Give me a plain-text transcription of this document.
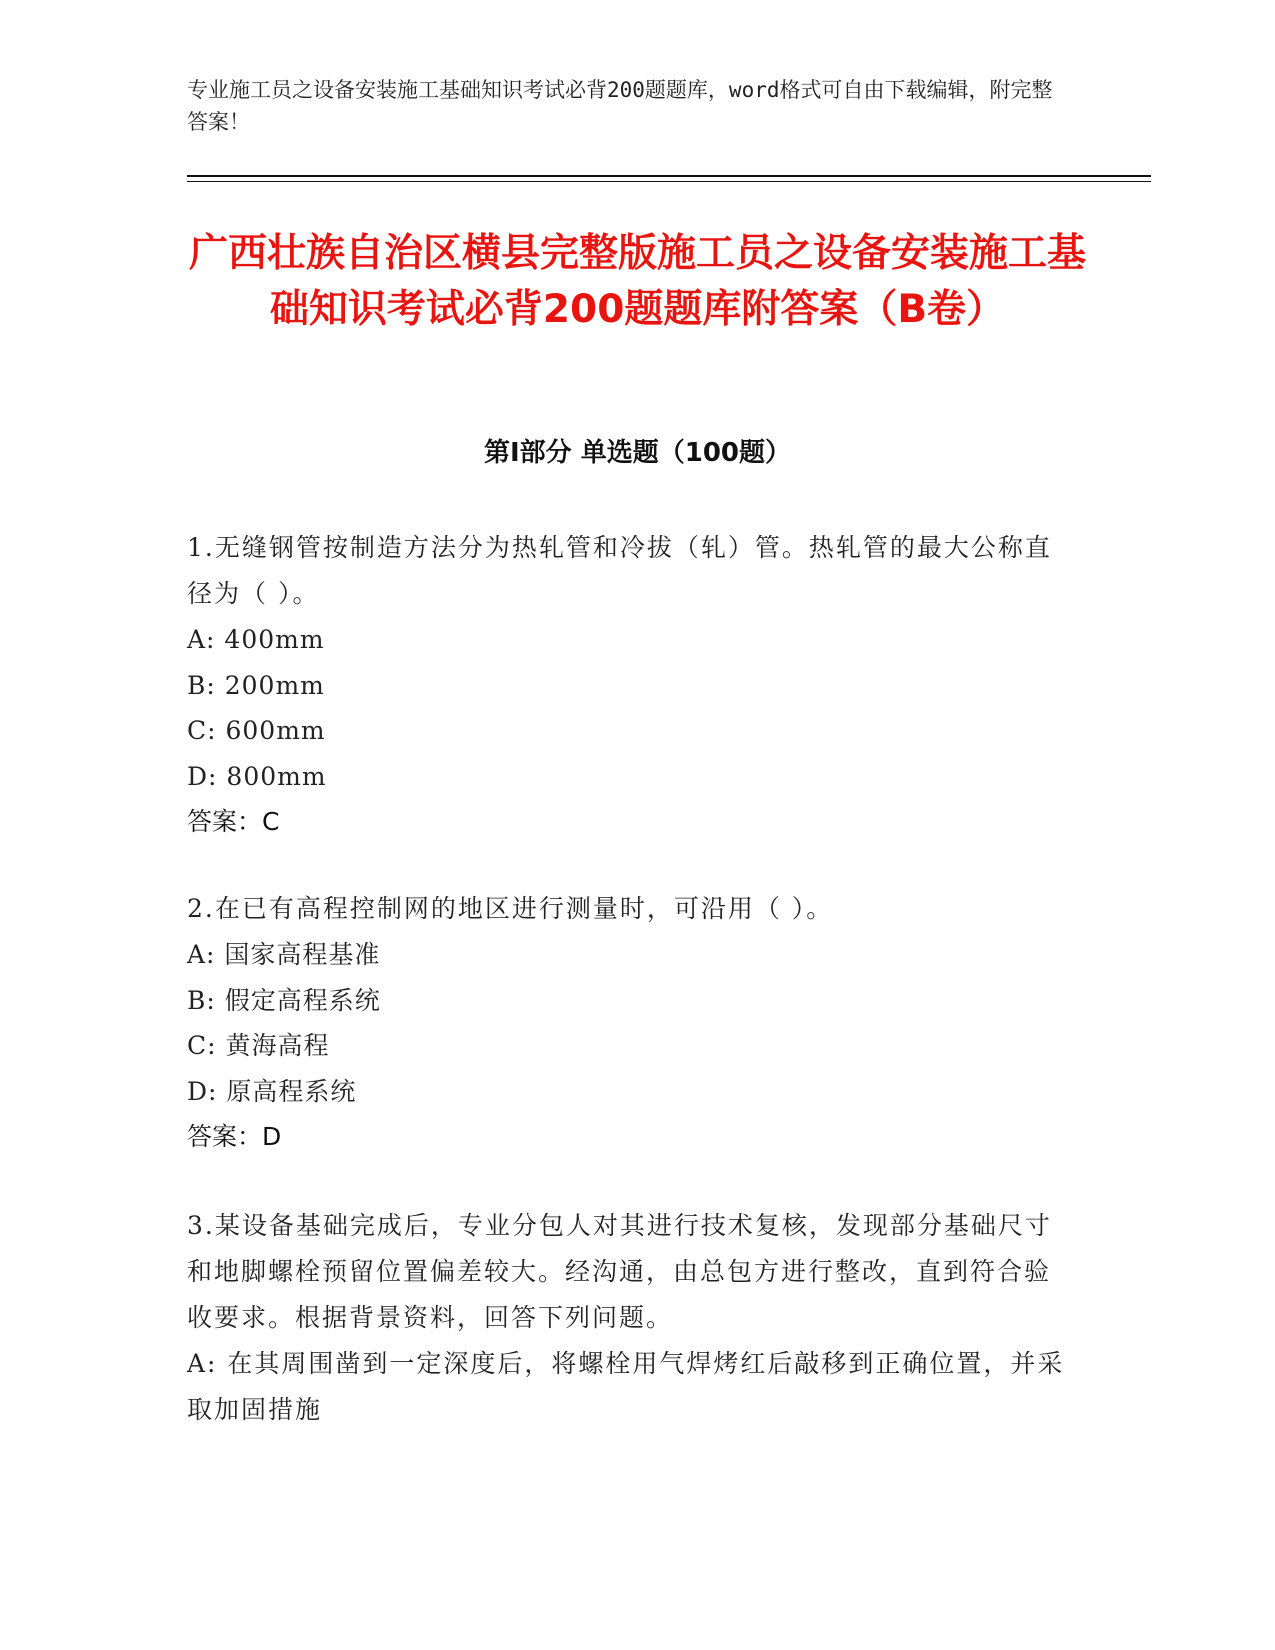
专业施工员之设备安装施工基础知识考试必背200题题库，word格式可自由下载编辑，附完整答案！
广西壮族自治区横县完整版施工员之设备安装施工基础知识考试必背200题题库附答案（B卷）
第Ⅰ部分 单选题（100题）
1.无缝钢管按制造方法分为热轧管和冷拔（轧）管。热轧管的最大公称直径为（ ）。
A: 400mm
B: 200mm
C: 600mm
D: 800mm
答案：C
2.在已有高程控制网的地区进行测量时，可沿用（ ）。
A: 国家高程基准
B: 假定高程系统
C: 黄海高程
D: 原高程系统
答案：D
3.某设备基础完成后，专业分包人对其进行技术复核，发现部分基础尺寸和地脚螺栓预留位置偏差较大。经沟通，由总包方进行整改，直到符合验收要求。根据背景资料，回答下列问题。
A: 在其周围凿到一定深度后，将螺栓用气焊烤红后敲移到正确位置，并采取加固措施
